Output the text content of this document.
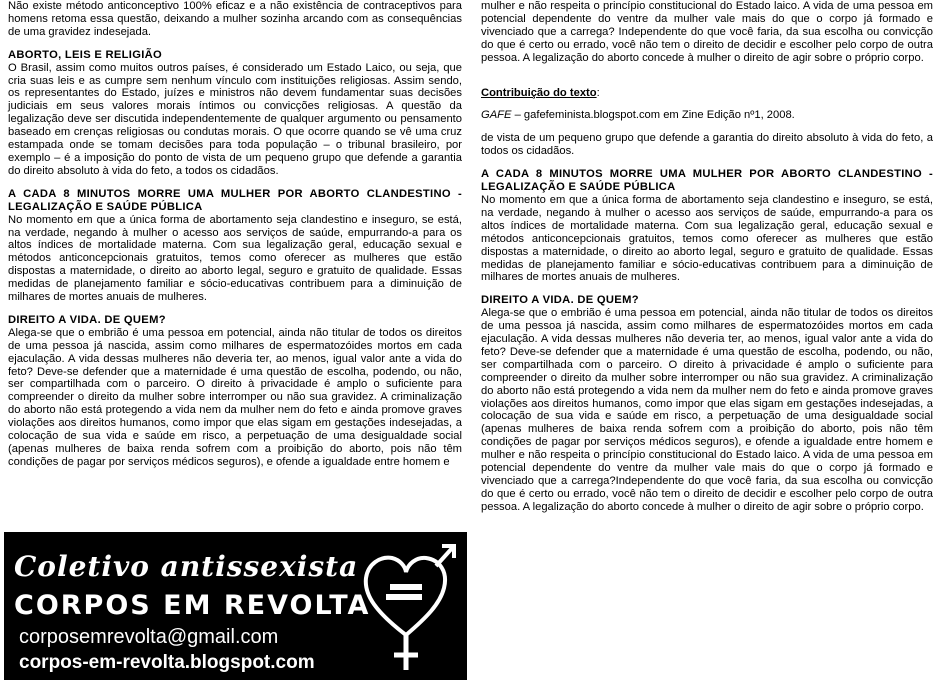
Não existe método anticonceptivo 100% eficaz e a não existência de contraceptivos para homens retoma essa questão, deixando a mulher sozinha arcando com as consequências de uma gravidez indesejada.

ABORTO, LEIS E RELIGIÃO

O Brasil, assim como muitos outros países, é considerado um Estado Laico, ou seja, que cria suas leis e as cumpre sem nenhum vínculo com instituições religiosas. Assim sendo, os representantes do Estado, juízes e ministros não devem fundamentar suas decisões judiciais em seus valores morais íntimos ou convicções religiosas. A questão da legalização deve ser discutida independentemente de qualquer argumento ou pensamento baseado em crenças religiosas ou condutas morais. O que ocorre quando se vê uma cruz estampada onde se tomam decisões para toda população – o tribunal brasileiro, por exemplo – é a imposição do ponto de vista de um pequeno grupo que defende a garantia do direito absoluto à vida do feto, a todos os cidadãos.

A CADA 8 MINUTOS MORRE UMA MULHER POR ABORTO CLANDESTINO - LEGALIZAÇÃO E SAÚDE PÚBLICA

No momento em que a única forma de abortamento seja clandestino e inseguro, se está, na verdade, negando à mulher o acesso aos serviços de saúde, empurrando-a para os altos índices de mortalidade materna. Com sua legalização geral, educação sexual e métodos anticoncepcionais gratuitos, temos como oferecer as mulheres que estão dispostas a maternidade, o direito ao aborto legal, seguro e gratuito de qualidade. Essas medidas de planejamento familiar e sócio-educativas contribuem para a diminuição de milhares de mortes anuais de mulheres.

DIREITO A VIDA. DE QUEM?

Alega-se que o embrião é uma pessoa em potencial, ainda não titular de todos os direitos de uma pessoa já nascida, assim como milhares de espermatozóides mortos em cada ejaculação. A vida dessas mulheres não deveria ter, ao menos, igual valor ante a vida do feto? Deve-se defender que a maternidade é uma questão de escolha, podendo, ou não, ser compartilhada com o parceiro. O direito à privacidade é amplo o suficiente para compreender o direito da mulher sobre interromper ou não sua gravidez. A criminalização do aborto não está protegendo a vida nem da mulher nem do feto e ainda promove graves violações aos direitos humanos, como impor que elas sigam em gestações indesejadas, a colocação de sua vida e saúde em risco, a perpetuação de uma desigualdade social (apenas mulheres de baixa renda sofrem com a proibição do aborto, pois não têm condições de pagar por serviços médicos seguros), e ofende a igualdade entre homem e

mulher e não respeita o princípio constitucional do Estado laico. A vida de uma pessoa em potencial dependente do ventre da mulher vale mais do que o corpo já formado e vivenciado que a carrega? Independente do que você faria, da sua escolha ou convicção do que é certo ou errado, você não tem o direito de decidir e escolher pelo corpo de outra pessoa. A legalização do aborto concede à mulher o direito de agir sobre o próprio corpo.

Contribuição do texto:

GAFE – gafefeminista.blogspot.com em Zine Edição nº1, 2008.

de vista de um pequeno grupo que defende a garantia do direito absoluto à vida do feto, a todos os cidadãos.

A CADA 8 MINUTOS MORRE UMA MULHER POR ABORTO CLANDESTINO - LEGALIZAÇÃO E SAÚDE PÚBLICA

No momento em que a única forma de abortamento seja clandestino e inseguro, se está, na verdade, negando à mulher o acesso aos serviços de saúde, empurrando-a para os altos índices de mortalidade materna. Com sua legalização geral, educação sexual e métodos anticoncepcionais gratuitos, temos como oferecer as mulheres que estão dispostas a maternidade, o direito ao aborto legal, seguro e gratuito de qualidade. Essas medidas de planejamento familiar e sócio-educativas contribuem para a diminuição de milhares de mortes anuais de mulheres.

DIREITO A VIDA. DE QUEM?

Alega-se que o embrião é uma pessoa em potencial, ainda não titular de todos os direitos de uma pessoa já nascida, assim como milhares de espermatozóides mortos em cada ejaculação. A vida dessas mulheres não deveria ter, ao menos, igual valor ante a vida do feto? Deve-se defender que a maternidade é uma questão de escolha, podendo, ou não, ser compartilhada com o parceiro. O direito à privacidade é amplo o suficiente para compreender o direito da mulher sobre interromper ou não sua gravidez. A criminalização do aborto não está protegendo a vida nem da mulher nem do feto e ainda promove graves violações aos direitos humanos, como impor que elas sigam em gestações indesejadas, a colocação de sua vida e saúde em risco, a perpetuação de uma desigualdade social (apenas mulheres de baixa renda sofrem com a proibição do aborto, pois não têm condições de pagar por serviços médicos seguros), e ofende a igualdade entre homem e mulher e não respeita o princípio constitucional do Estado laico. A vida de uma pessoa em potencial dependente do ventre da mulher vale mais do que o corpo já formado e vivenciado que a carrega?Independente do que você faria, da sua escolha ou convicção do que é certo ou errado, você não tem o direito de decidir e escolher pelo corpo de outra pessoa. A legalização do aborto concede à mulher o direito de agir sobre o próprio corpo.

Coletivo antissexista
CORPOS EM REVOLTA
corposemrevolta@gmail.com
corpos-em-revolta.blogspot.com
